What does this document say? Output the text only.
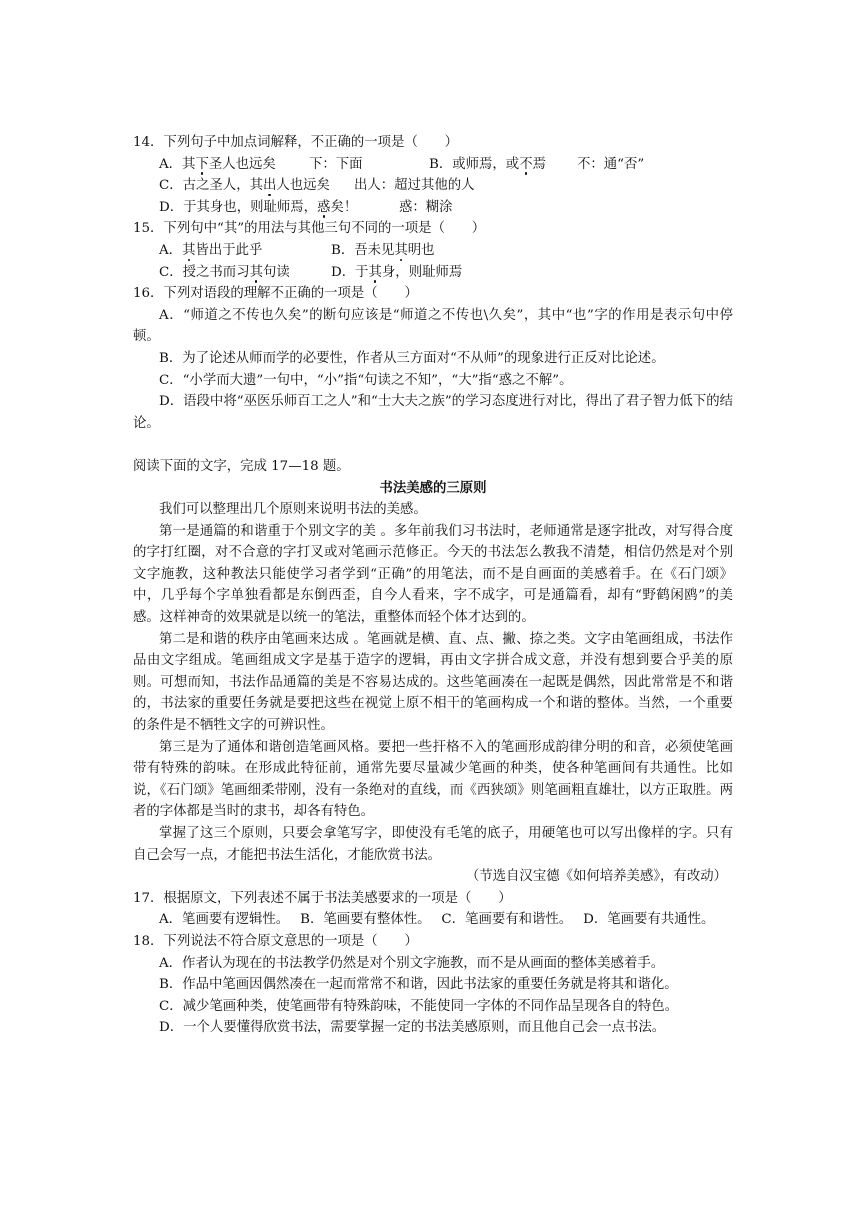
14．下列句子中加点词解释，不正确的一项是（　　）
A．其下圣人也远矣 下：下面	B．或师焉，或不焉 不：通“否”
C．古之圣人，其出人也远矣 出人：超过其他的人
D．于其身也，则耻师焉，惑矣！	惑：糊涂
15．下列句中“其”的用法与其他三句不同的一项是（　　）
A．其皆出于此乎	B．吾未见其明也
C．授之书而习其句读	D．于其身，则耻师焉
16．下列对语段的理解不正确的一项是（　　）
A．“师道之不传也久矣”的断句应该是“师道之不传也\久矣”，其中“也”字的作用是表示句中停顿。
B．为了论述从师而学的必要性，作者从三方面对“不从师”的现象进行正反对比论述。
C．“小学而大遗”一句中，“小”指“句读之不知”，“大”指“惑之不解”。
D．语段中将“巫医乐师百工之人”和“士大夫之族”的学习态度进行对比，得出了君子智力低下的结论。
阅读下面的文字，完成 17—18 题。
书法美感的三原则
我们可以整理出几个原则来说明书法的美感。
第一是通篇的和谐重于个别文字的美 。多年前我们习书法时，老师通常是逐字批改，对写得合度的字打红圈，对不合意的字打叉或对笔画示范修正。今天的书法怎么教我不清楚，相信仍然是对个别文字施教，这种教法只能使学习者学到“正确”的用笔法，而不是自画面的美感着手。在《石门颂》中，几乎每个字单独看都是东倒西歪，自今人看来，字不成字，可是通篇看，却有“野鹤闲鸥”的美感。这样神奇的效果就是以统一的笔法，重整体而轻个体才达到的。
第二是和谐的秩序由笔画来达成 。笔画就是横、直、点、撇、捺之类。文字由笔画组成，书法作品由文字组成。笔画组成文字是基于造字的逻辑，再由文字拼合成文意，并没有想到要合乎美的原则。可想而知，书法作品通篇的美是不容易达成的。这些笔画凑在一起既是偶然，因此常常是不和谐的，书法家的重要任务就是要把这些在视觉上原不相干的笔画构成一个和谐的整体。当然，一个重要的条件是不牺牲文字的可辨识性。
第三是为了通体和谐创造笔画风格。要把一些扞格不入的笔画形成韵律分明的和音，必须使笔画带有特殊的韵味。在形成此特征前，通常先要尽量减少笔画的种类，使各种笔画间有共通性。比如说，《石门颂》笔画细柔带刚，没有一条绝对的直线，而《西狭颂》则笔画粗直雄壮，以方正取胜。两者的字体都是当时的隶书，却各有特色。
掌握了这三个原则，只要会拿笔写字，即使没有毛笔的底子，用硬笔也可以写出像样的字。只有自己会写一点，才能把书法生活化，才能欣赏书法。
（节选自汉宝德《如何培养美感》，有改动）
17．根据原文，下列表述不属于书法美感要求的一项是（　　）
A．笔画要有逻辑性。　 B．笔画要有整体性。　 C．笔画要有和谐性。　 D．笔画要有共通性。
18．下列说法不符合原文意思的一项是（　　）
A．作者认为现在的书法教学仍然是对个别文字施教，而不是从画面的整体美感着手。
B．作品中笔画因偶然凑在一起而常常不和谐，因此书法家的重要任务就是将其和谐化。
C．减少笔画种类，使笔画带有特殊韵味，不能使同一字体的不同作品呈现各自的特色。
D．一个人要懂得欣赏书法，需要掌握一定的书法美感原则，而且他自己会一点书法。
